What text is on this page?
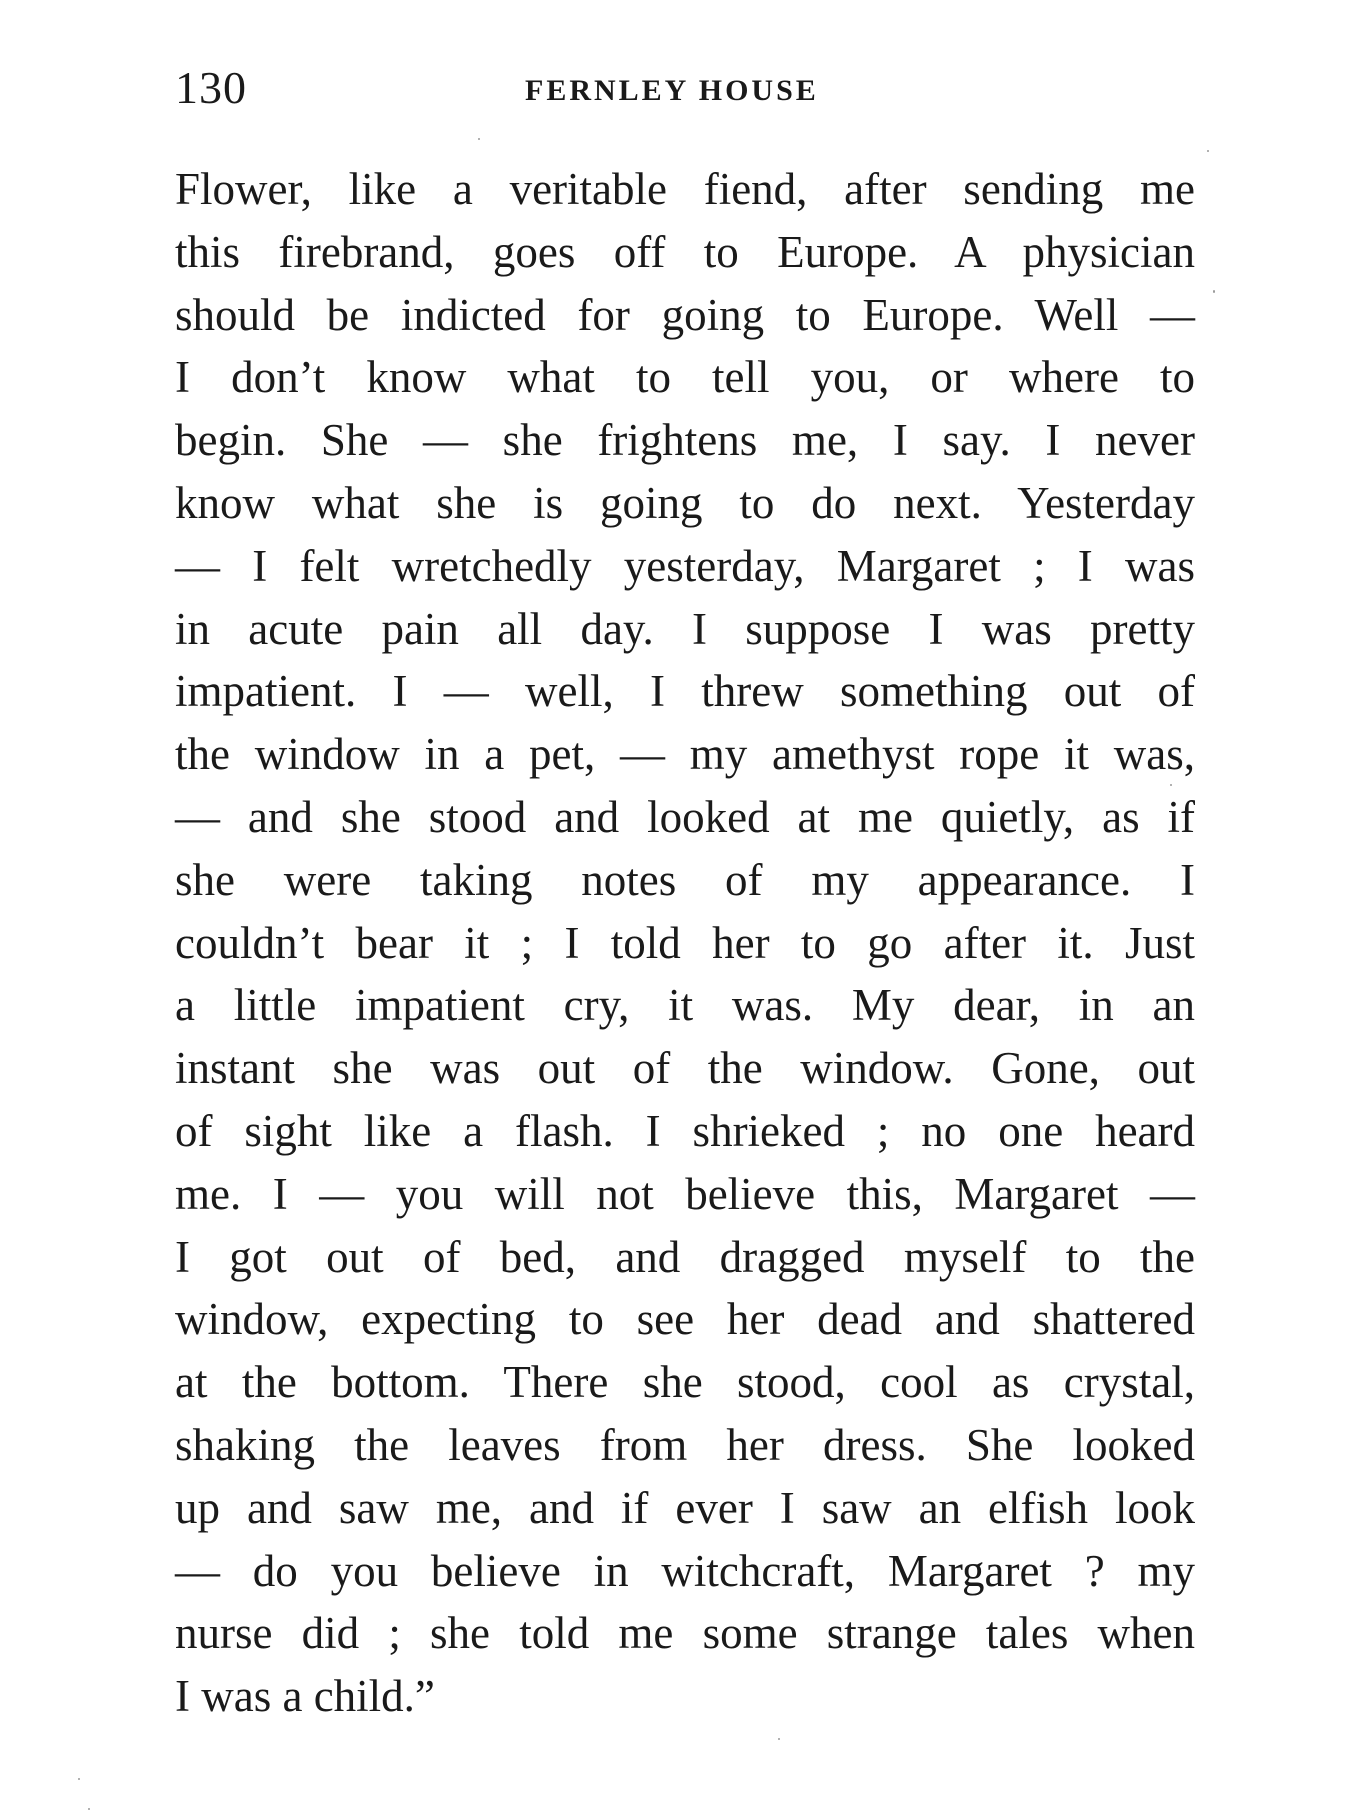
130	FERNLEY HOUSE
Flower, like a veritable fiend, after sending me
this firebrand, goes off to Europe. A physician
should be indicted for going to Europe. Well —
I don’t know what to tell you, or where to
begin. She — she frightens me, I say. I never
know what she is going to do next. Yesterday
— I felt wretchedly yesterday, Margaret ; I was
in acute pain all day. I suppose I was pretty
impatient. I — well, I threw something out of
the window in a pet, — my amethyst rope it was,
— and she stood and looked at me quietly, as if
she were taking notes of my appearance. I
couldn’t bear it ; I told her to go after it. Just
a little impatient cry, it was. My dear, in an
instant she was out of the window. Gone, out
of sight like a flash. I shrieked ; no one heard
me. I — you will not believe this, Margaret —
I got out of bed, and dragged myself to the
window, expecting to see her dead and shattered
at the bottom. There she stood, cool as crystal,
shaking the leaves from her dress. She looked
up and saw me, and if ever I saw an elfish look
— do you believe in witchcraft, Margaret ? my
nurse did ; she told me some strange tales when
I was a child.”
